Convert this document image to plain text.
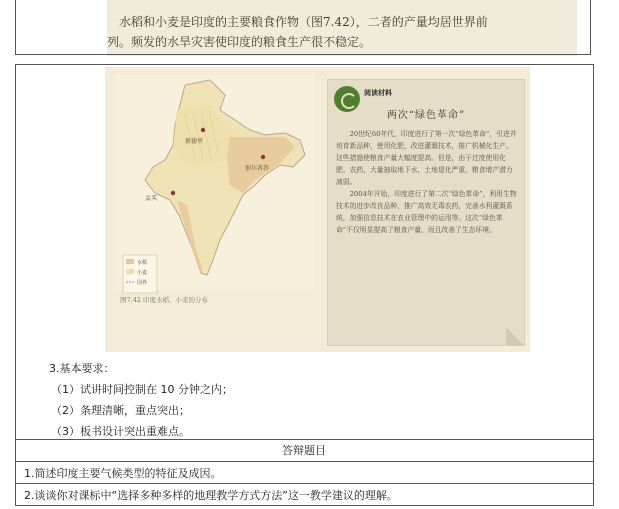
水稻和小麦是印度的主要粮食作物（图7.42），二者的产量均居世界前

列。频发的水旱灾害使印度的粮食生产很不稳定。

新德里
加尔各答
孟买
水稻
小麦
国界
图7.42 印度水稻、小麦的分布
阅读材料
两次“绿色革命”

20世纪60年代，印度进行了第一次“绿色革命”，引进并培育新品种，使用化肥，改进灌溉技术，推广机械化生产。这些措施使粮食产量大幅度提高。但是，由于过度使用化肥、农药，大量抽取地下水，土地退化严重，粮食增产潜力减弱。

2004年开始，印度进行了第二次“绿色革命”，利用生物技术的进步改良品种，推广高效无毒农药，完善水利灌溉系统，加强信息技术在农业管理中的运用等。这次“绿色革命”不仅明显提高了粮食产量，而且改善了生态环境。

3.基本要求：
（1）试讲时间控制在 10 分钟之内；
（2）条理清晰，重点突出；
（3）板书设计突出重难点。
答辩题目
1.简述印度主要气候类型的特征及成因。
2.谈谈你对课标中“选择多种多样的地理教学方式方法”这一教学建议的理解。
